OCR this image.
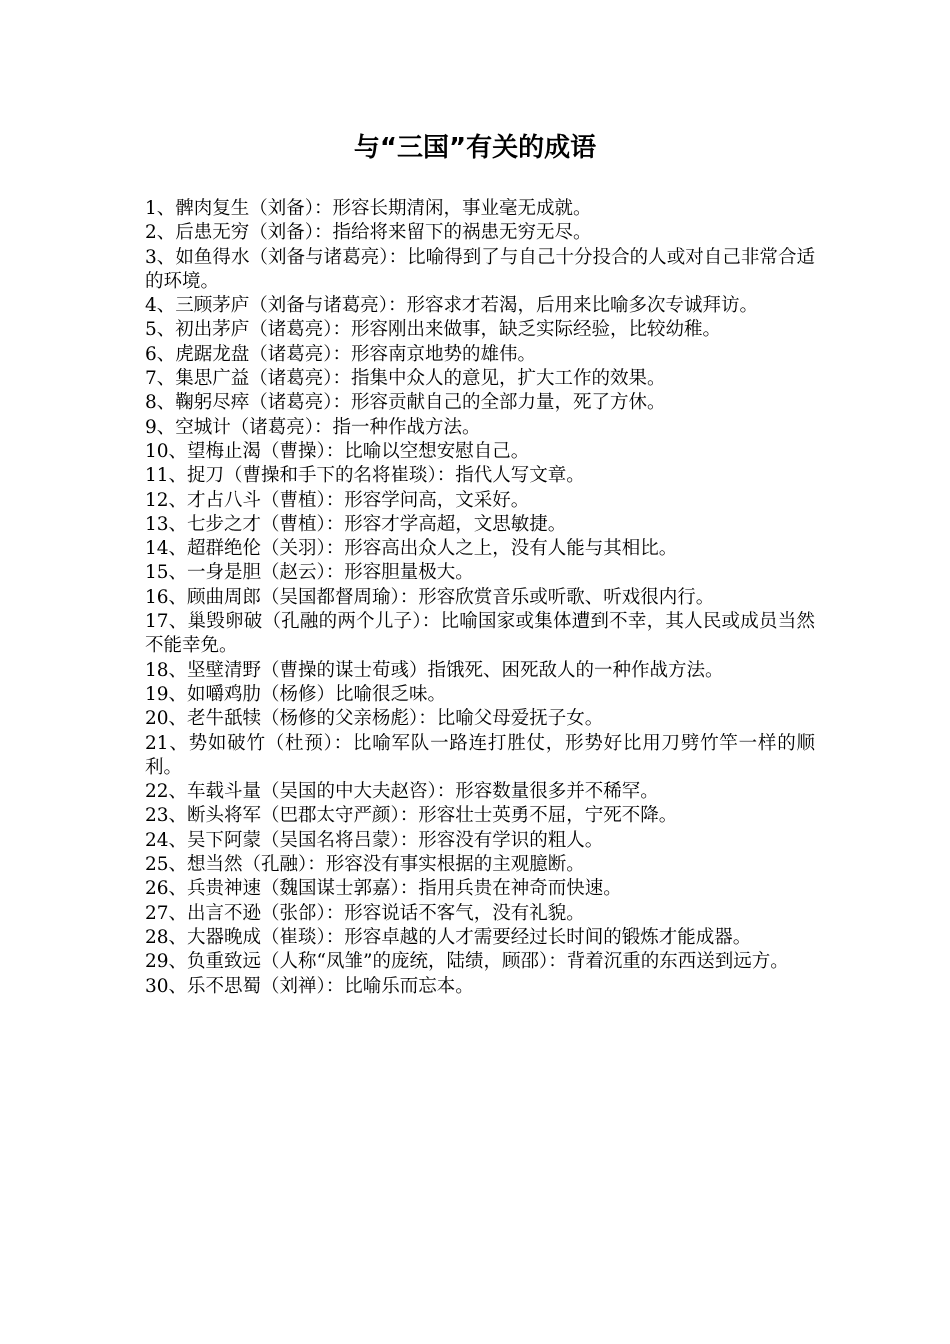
与“三国”有关的成语
1、髀肉复生（刘备）：形容长期清闲，事业毫无成就。
2、后患无穷（刘备）：指给将来留下的祸患无穷无尽。
3、如鱼得水（刘备与诸葛亮）：比喻得到了与自己十分投合的人或对自己非常合适的环境。
4、三顾茅庐（刘备与诸葛亮）：形容求才若渴，后用来比喻多次专诚拜访。
5、初出茅庐（诸葛亮）：形容刚出来做事，缺乏实际经验，比较幼稚。
6、虎踞龙盘（诸葛亮）：形容南京地势的雄伟。
7、集思广益（诸葛亮）：指集中众人的意见，扩大工作的效果。
8、鞠躬尽瘁（诸葛亮）：形容贡献自己的全部力量，死了方休。
9、空城计（诸葛亮）：指一种作战方法。
10、望梅止渴（曹操）：比喻以空想安慰自己。
11、捉刀（曹操和手下的名将崔琰）：指代人写文章。
12、才占八斗（曹植）：形容学问高，文采好。
13、七步之才（曹植）：形容才学高超，文思敏捷。
14、超群绝伦（关羽）：形容高出众人之上，没有人能与其相比。
15、一身是胆（赵云）：形容胆量极大。
16、顾曲周郎（吴国都督周瑜）：形容欣赏音乐或听歌、听戏很内行。
17、巢毁卵破（孔融的两个儿子）：比喻国家或集体遭到不幸，其人民或成员当然不能幸免。
18、坚壁清野（曹操的谋士荀彧）指饿死、困死敌人的一种作战方法。
19、如嚼鸡肋（杨修）比喻很乏味。
20、老牛舐犊（杨修的父亲杨彪）：比喻父母爱抚子女。
21、势如破竹（杜预）：比喻军队一路连打胜仗，形势好比用刀劈竹竿一样的顺利。
22、车载斗量（吴国的中大夫赵咨）：形容数量很多并不稀罕。
23、断头将军（巴郡太守严颜）：形容壮士英勇不屈，宁死不降。
24、吴下阿蒙（吴国名将吕蒙）：形容没有学识的粗人。
25、想当然（孔融）：形容没有事实根据的主观臆断。
26、兵贵神速（魏国谋士郭嘉）：指用兵贵在神奇而快速。
27、出言不逊（张郃）：形容说话不客气，没有礼貌。
28、大器晚成（崔琰）：形容卓越的人才需要经过长时间的锻炼才能成器。
29、负重致远（人称“凤雏”的庞统，陆绩，顾邵）：背着沉重的东西送到远方。
30、乐不思蜀（刘禅）：比喻乐而忘本。
